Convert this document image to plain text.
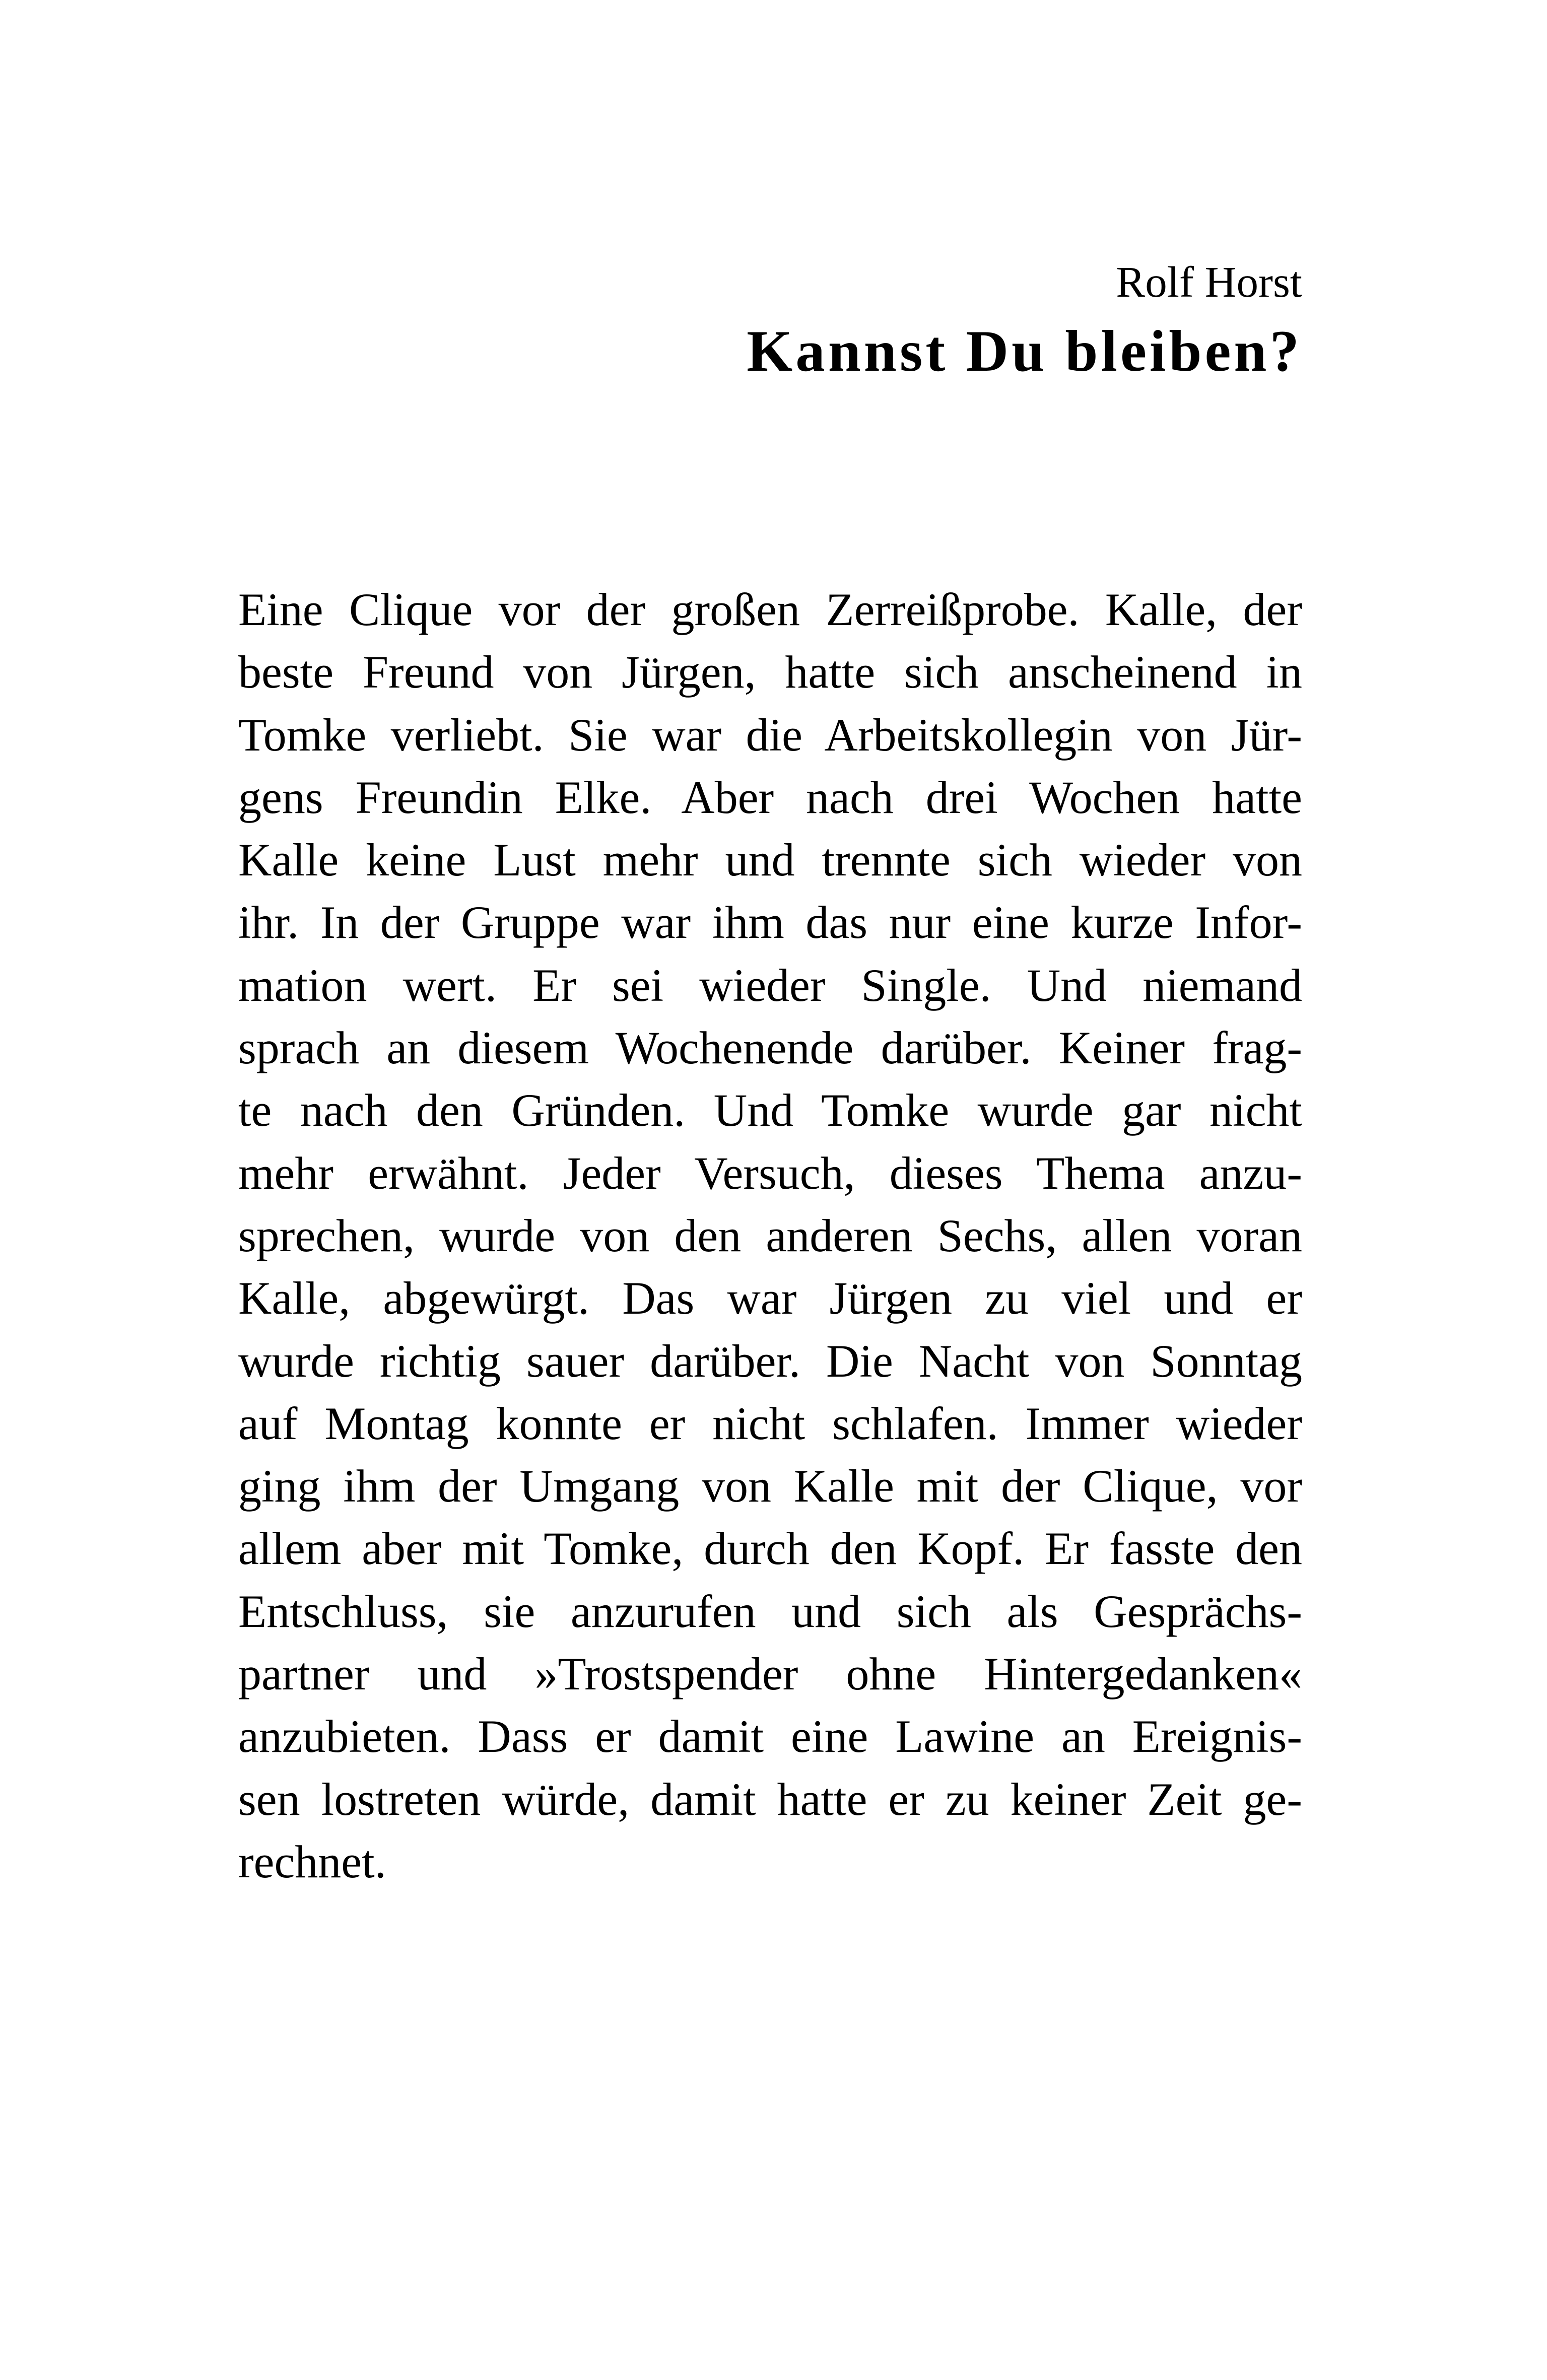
Rolf Horst
Kannst Du bleiben?
Eine Clique vor der großen Zerreißprobe. Kalle, der
beste Freund von Jürgen, hatte sich anscheinend in
Tomke verliebt. Sie war die Arbeitskollegin von Jür-
gens Freundin Elke. Aber nach drei Wochen hatte
Kalle keine Lust mehr und trennte sich wieder von
ihr. In der Gruppe war ihm das nur eine kurze Infor-
mation wert. Er sei wieder Single. Und niemand
sprach an diesem Wochenende darüber. Keiner frag-
te nach den Gründen. Und Tomke wurde gar nicht
mehr erwähnt. Jeder Versuch, dieses Thema anzu-
sprechen, wurde von den anderen Sechs, allen voran
Kalle, abgewürgt. Das war Jürgen zu viel und er
wurde richtig sauer darüber. Die Nacht von Sonntag
auf Montag konnte er nicht schlafen. Immer wieder
ging ihm der Umgang von Kalle mit der Clique, vor
allem aber mit Tomke, durch den Kopf. Er fasste den
Entschluss, sie anzurufen und sich als Gesprächs-
partner und »Trostspender ohne Hintergedanken«
anzubieten. Dass er damit eine Lawine an Ereignis-
sen lostreten würde, damit hatte er zu keiner Zeit ge-
rechnet.
